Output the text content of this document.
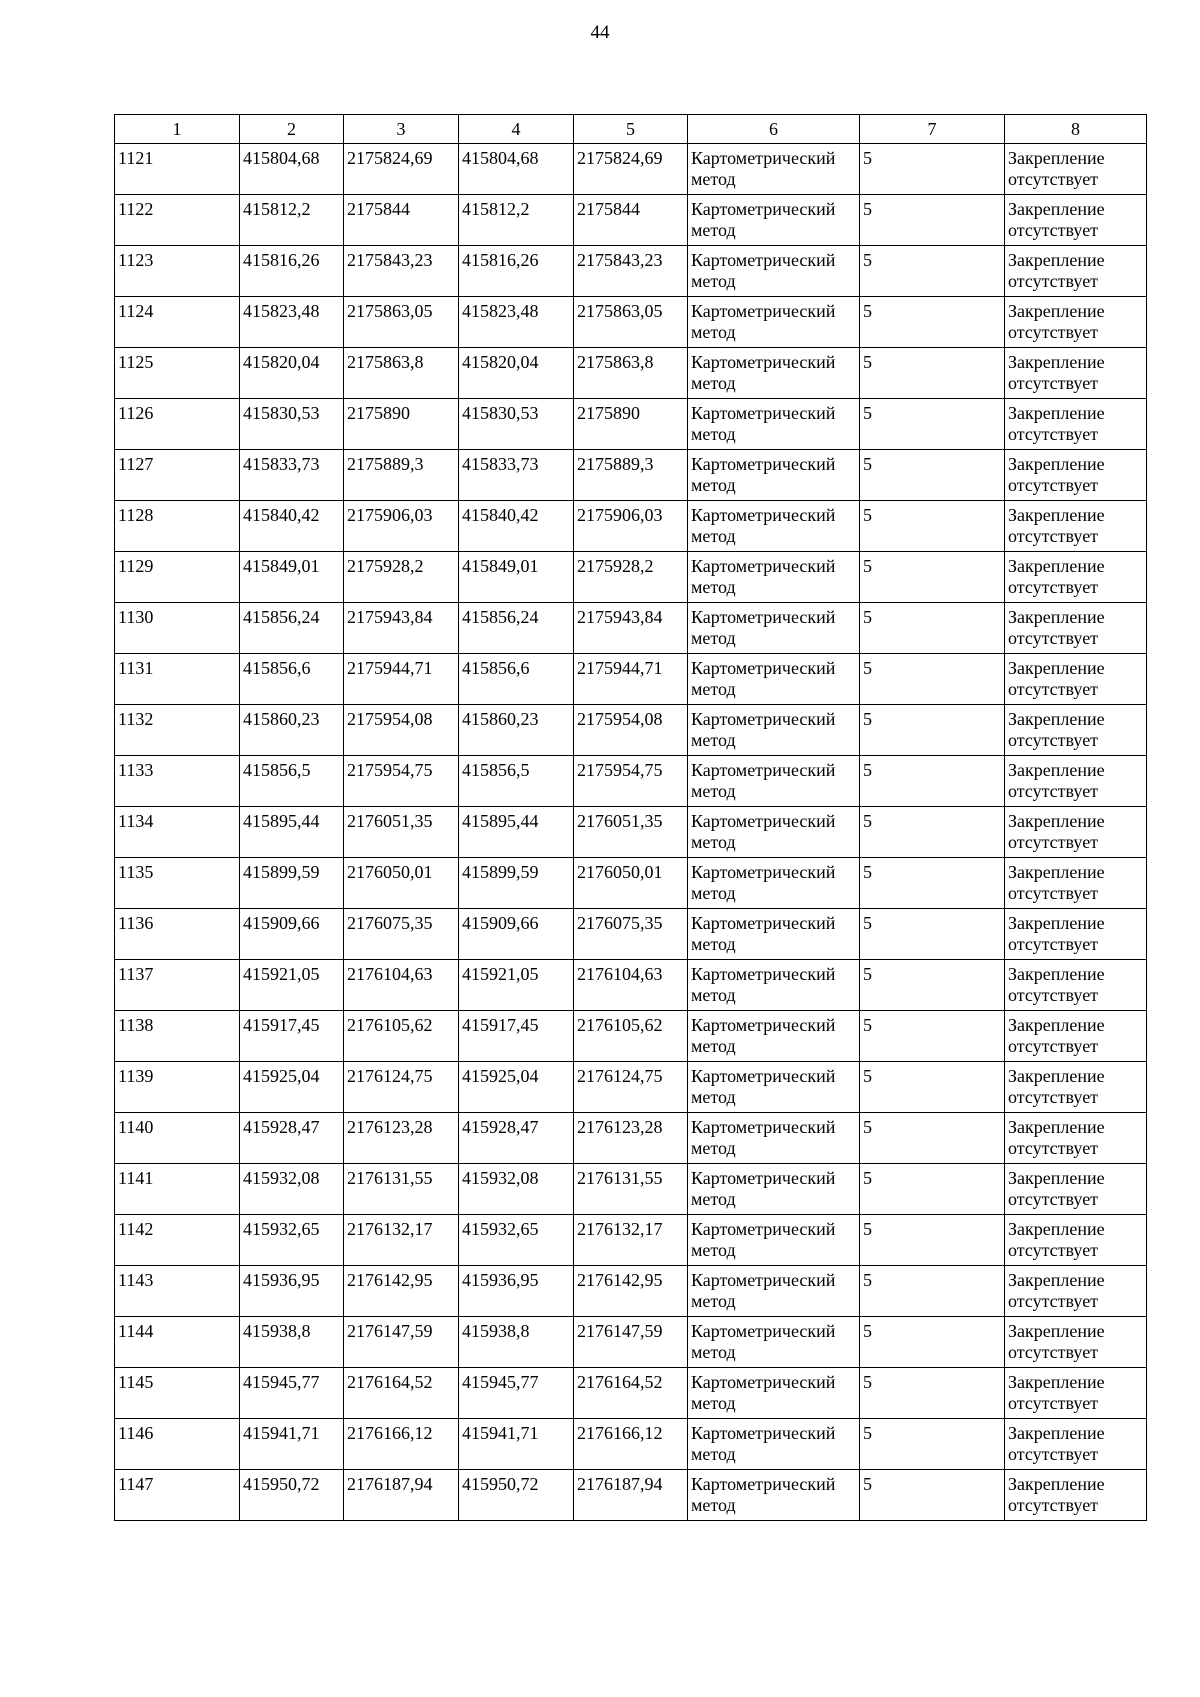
44
1	2	3	4	5	6	7	8
1121	415804,68	2175824,69	415804,68	2175824,69	Картометрический метод	5	Закрепление отсутствует
1122	415812,2	2175844	415812,2	2175844	Картометрический метод	5	Закрепление отсутствует
1123	415816,26	2175843,23	415816,26	2175843,23	Картометрический метод	5	Закрепление отсутствует
1124	415823,48	2175863,05	415823,48	2175863,05	Картометрический метод	5	Закрепление отсутствует
1125	415820,04	2175863,8	415820,04	2175863,8	Картометрический метод	5	Закрепление отсутствует
1126	415830,53	2175890	415830,53	2175890	Картометрический метод	5	Закрепление отсутствует
1127	415833,73	2175889,3	415833,73	2175889,3	Картометрический метод	5	Закрепление отсутствует
1128	415840,42	2175906,03	415840,42	2175906,03	Картометрический метод	5	Закрепление отсутствует
1129	415849,01	2175928,2	415849,01	2175928,2	Картометрический метод	5	Закрепление отсутствует
1130	415856,24	2175943,84	415856,24	2175943,84	Картометрический метод	5	Закрепление отсутствует
1131	415856,6	2175944,71	415856,6	2175944,71	Картометрический метод	5	Закрепление отсутствует
1132	415860,23	2175954,08	415860,23	2175954,08	Картометрический метод	5	Закрепление отсутствует
1133	415856,5	2175954,75	415856,5	2175954,75	Картометрический метод	5	Закрепление отсутствует
1134	415895,44	2176051,35	415895,44	2176051,35	Картометрический метод	5	Закрепление отсутствует
1135	415899,59	2176050,01	415899,59	2176050,01	Картометрический метод	5	Закрепление отсутствует
1136	415909,66	2176075,35	415909,66	2176075,35	Картометрический метод	5	Закрепление отсутствует
1137	415921,05	2176104,63	415921,05	2176104,63	Картометрический метод	5	Закрепление отсутствует
1138	415917,45	2176105,62	415917,45	2176105,62	Картометрический метод	5	Закрепление отсутствует
1139	415925,04	2176124,75	415925,04	2176124,75	Картометрический метод	5	Закрепление отсутствует
1140	415928,47	2176123,28	415928,47	2176123,28	Картометрический метод	5	Закрепление отсутствует
1141	415932,08	2176131,55	415932,08	2176131,55	Картометрический метод	5	Закрепление отсутствует
1142	415932,65	2176132,17	415932,65	2176132,17	Картометрический метод	5	Закрепление отсутствует
1143	415936,95	2176142,95	415936,95	2176142,95	Картометрический метод	5	Закрепление отсутствует
1144	415938,8	2176147,59	415938,8	2176147,59	Картометрический метод	5	Закрепление отсутствует
1145	415945,77	2176164,52	415945,77	2176164,52	Картометрический метод	5	Закрепление отсутствует
1146	415941,71	2176166,12	415941,71	2176166,12	Картометрический метод	5	Закрепление отсутствует
1147	415950,72	2176187,94	415950,72	2176187,94	Картометрический метод	5	Закрепление отсутствует
